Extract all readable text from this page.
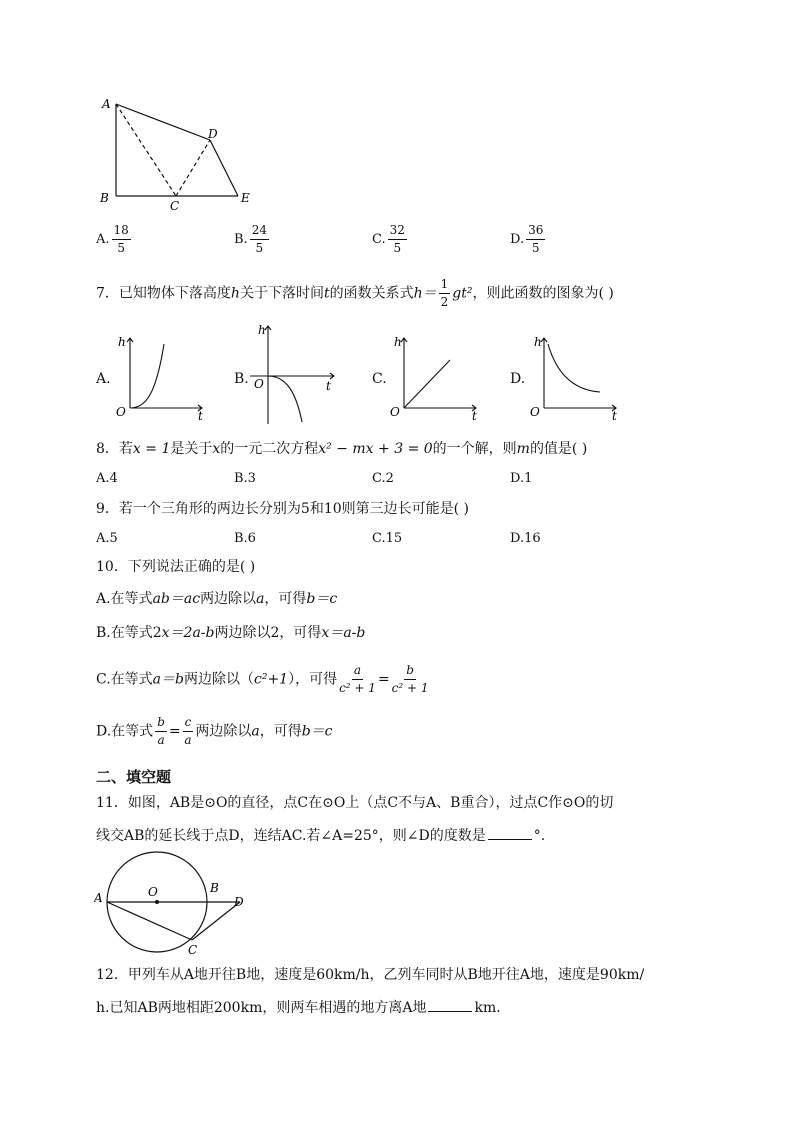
A
D
B
C
E
A. $\frac{18}{5}$	B. $\frac{24}{5}$	C. $\frac{32}{5}$	D. $\frac{36}{5}$
7．已知物体下落高度h关于下落时间t的函数关系式$h= \frac{1}{2} gt^2$，则此函数的图象为( )
A.
h
O	t
B.
h
O	t	C.
h
O	t
D.
h
O	t
8．若x = 1是关于x的一元二次方程x² − mx + 3 = 0的一个解，则m的值是( )
A.4	B.3	C.2	D.1
9．若一个三角形的两边长分别为5和10则第三边长可能是( )
A.5	B.6	C.15	D.16
10．下列说法正确的是( )
A.在等式ab＝ac两边除以a，可得b＝c
B.在等式2x＝2a-b两边除以2，可得x＝a-b
C.在等式a＝b两边除以（c²+1），可得 $\frac{a}{\text{c² + 1}} = \frac{b}{\text{c² + 1}}$
D.在等式 $\frac{b}{a} = \frac{c}{a}$ 两边除以a，可得b＝c
二、填空题
11．如图，AB是⊙O的直径，点C在⊙O上（点C不与A、B重合），过点C作⊙O的切
线交AB的延长线于点D，连结AC.若∠A=25°，则∠D的度数是	°.
A	O	B
D
C
12．甲列车从A地开往B地，速度是60km/h，乙列车同时从B地开往A地，速度是90km/
h.已知AB两地相距200km，则两车相遇的地方离A地	km.
